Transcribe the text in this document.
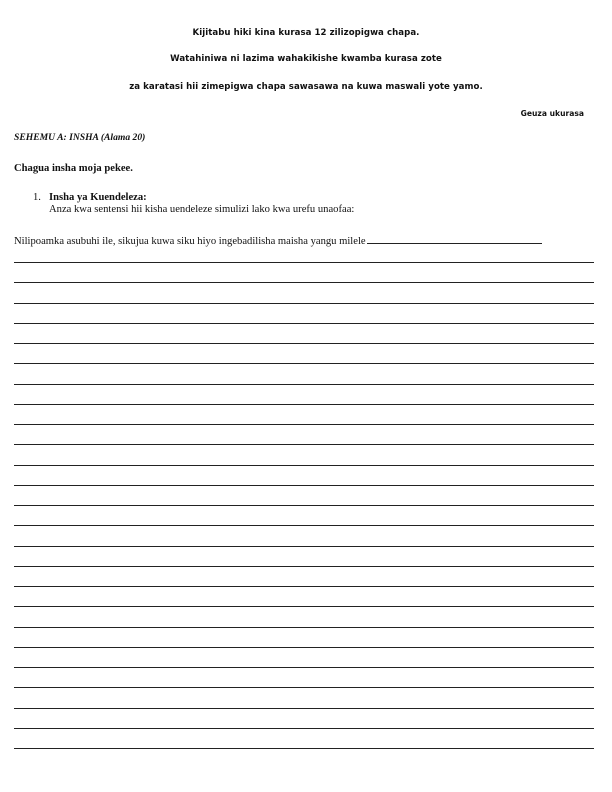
Kijitabu hiki kina kurasa 12 zilizopigwa chapa.
Watahiniwa ni lazima wahakikishe kwamba kurasa zote
za karatasi hii zimepigwa chapa sawasawa na kuwa maswali yote yamo.
Geuza ukurasa
SEHEMU A: INSHA (Alama 20)
Chagua insha moja pekee.
1. Insha ya Kuendeleza:
Anza kwa sentensi hii kisha uendeleze simulizi lako kwa urefu unaofaa:
Nilipoamka asubuhi ile, sikujua kuwa siku hiyo ingebadilisha maisha yangu milele
